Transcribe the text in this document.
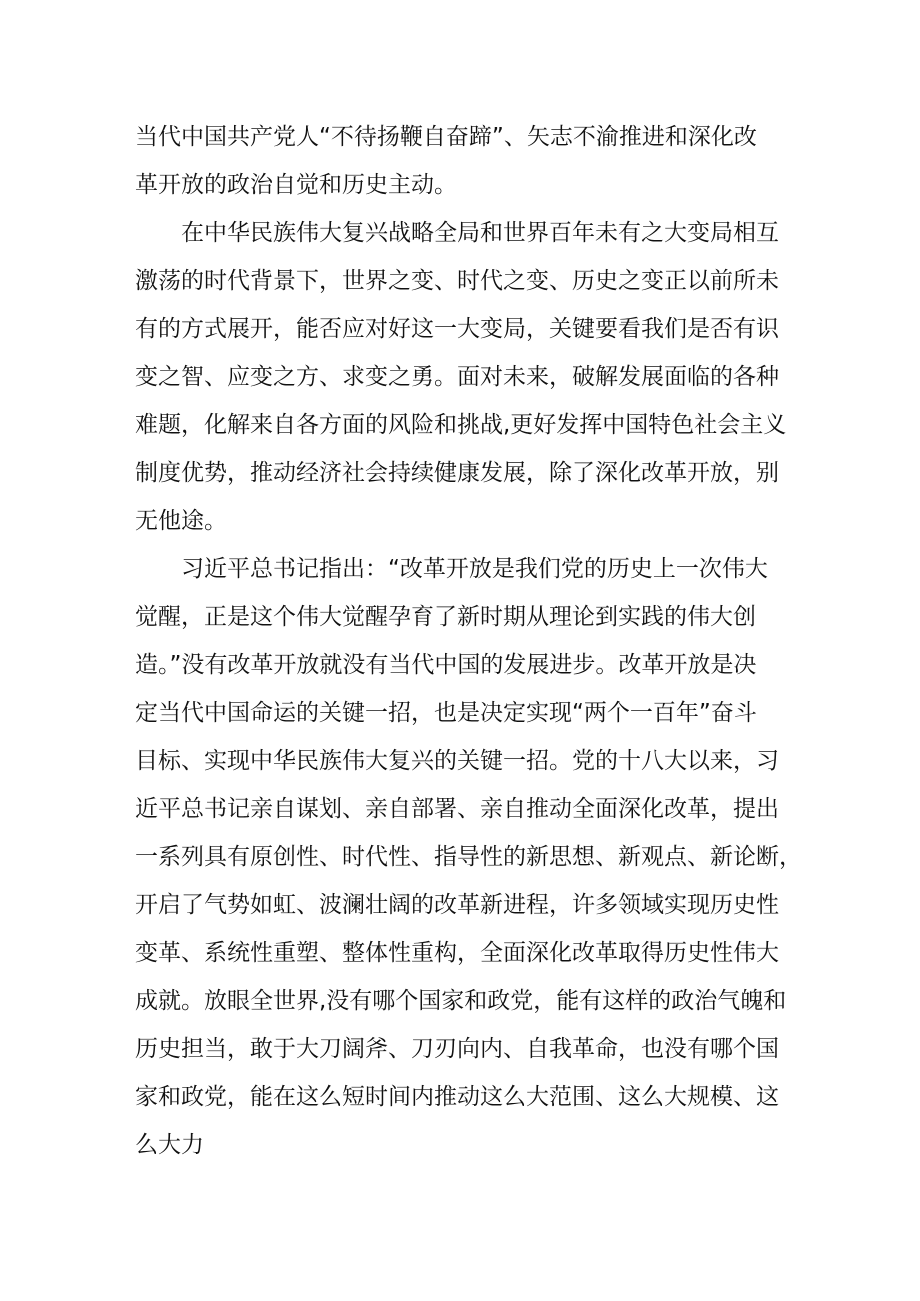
当代中国共产党人“不待扬鞭自奋蹄”、矢志不渝推进和深化改
革开放的政治自觉和历史主动。
　　在中华民族伟大复兴战略全局和世界百年未有之大变局相互
激荡的时代背景下，世界之变、时代之变、历史之变正以前所未
有的方式展开，能否应对好这一大变局，关键要看我们是否有识
变之智、应变之方、求变之勇。面对未来，破解发展面临的各种
难题，化解来自各方面的风险和挑战,更好发挥中国特色社会主义
制度优势，推动经济社会持续健康发展，除了深化改革开放，别
无他途。
　　习近平总书记指出：“改革开放是我们党的历史上一次伟大
觉醒，正是这个伟大觉醒孕育了新时期从理论到实践的伟大创
造。”没有改革开放就没有当代中国的发展进步。改革开放是决
定当代中国命运的关键一招，也是决定实现“两个一百年”奋斗
目标、实现中华民族伟大复兴的关键一招。党的十八大以来，习
近平总书记亲自谋划、亲自部署、亲自推动全面深化改革，提出
一系列具有原创性、时代性、指导性的新思想、新观点、新论断，
开启了气势如虹、波澜壮阔的改革新进程，许多领域实现历史性
变革、系统性重塑、整体性重构，全面深化改革取得历史性伟大
成就。放眼全世界,没有哪个国家和政党，能有这样的政治气魄和
历史担当，敢于大刀阔斧、刀刃向内、自我革命，也没有哪个国
家和政党，能在这么短时间内推动这么大范围、这么大规模、这
么大力
